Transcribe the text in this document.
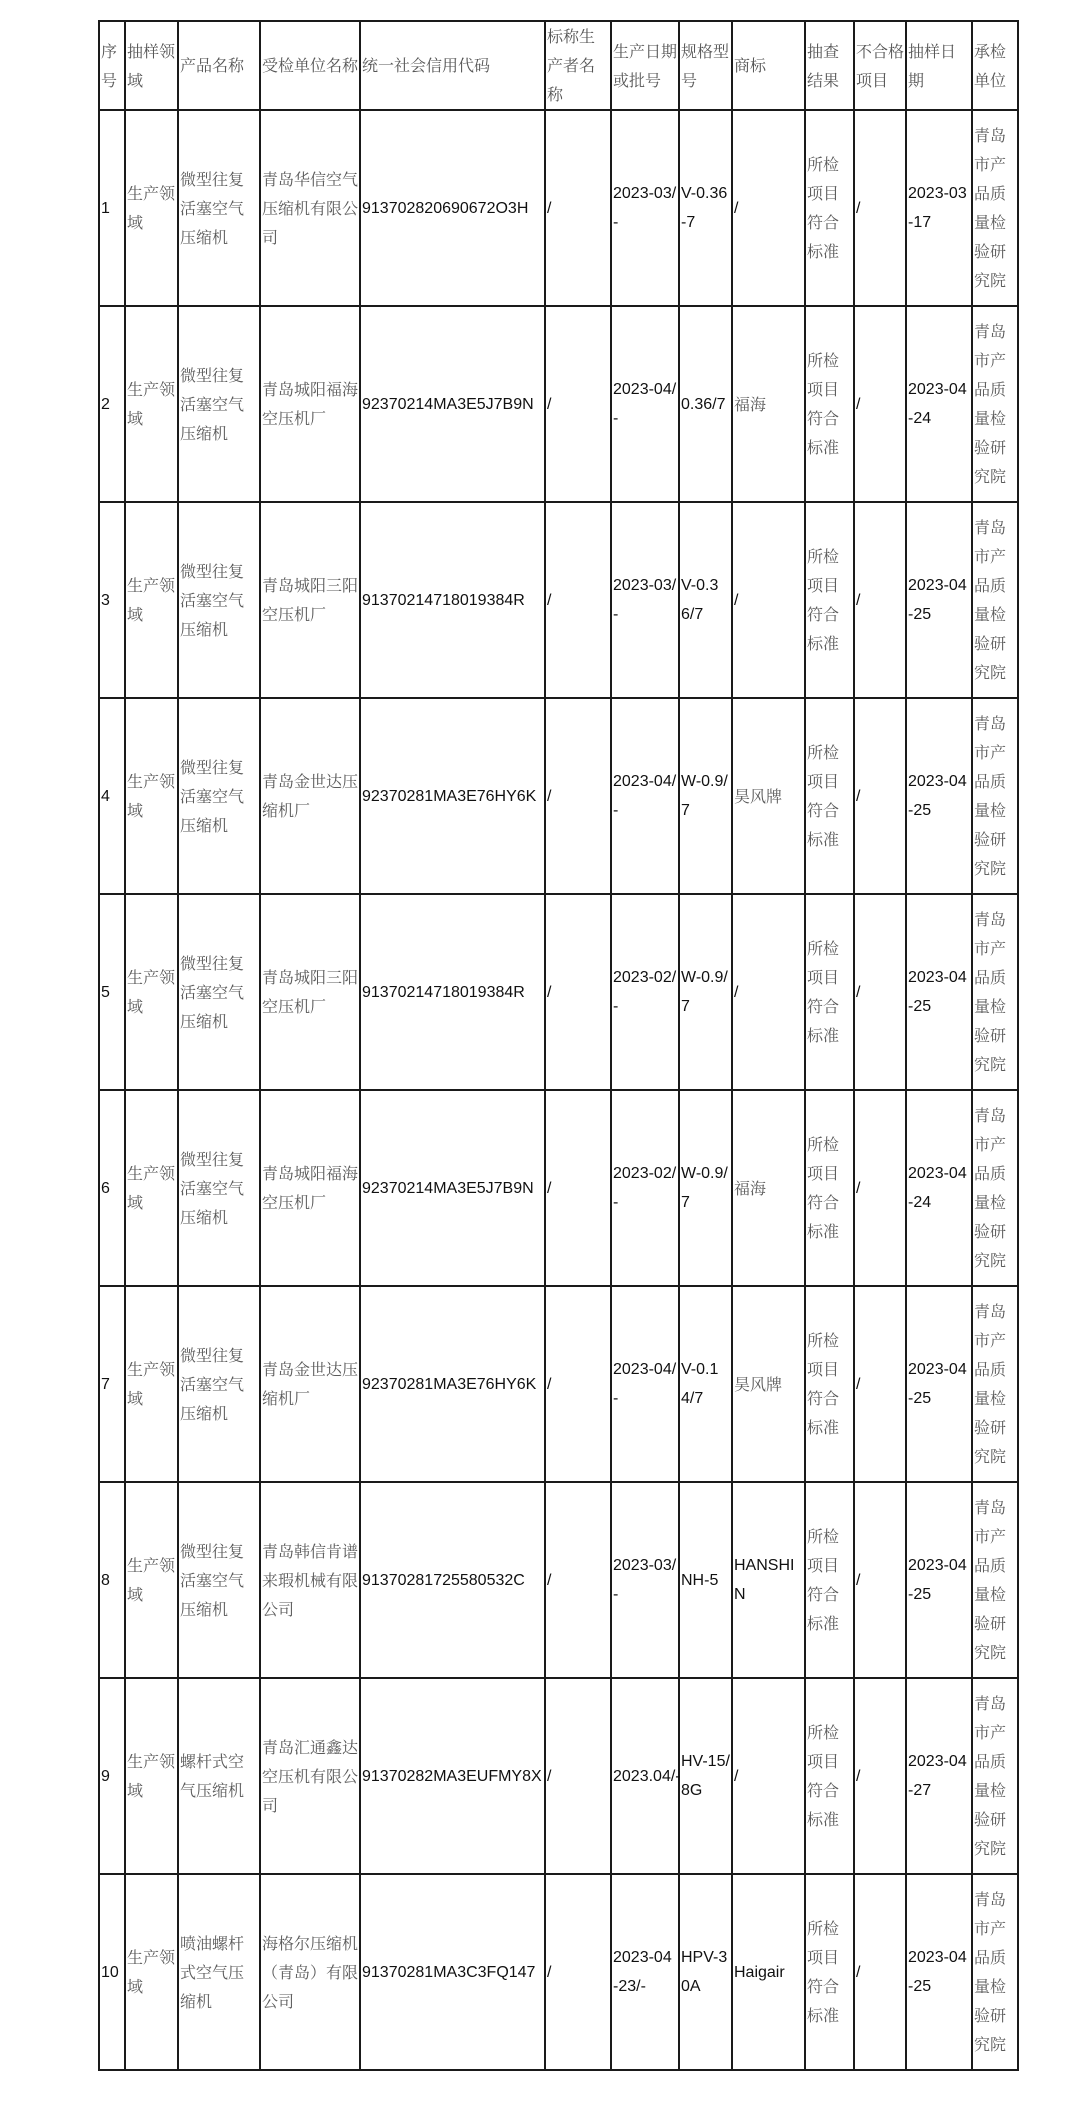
序号	抽样领域	产品名称	受检单位名称	统一社会信用代码	标称生产者名称	生产日期或批号	规格型号	商标	抽查结果	不合格项目	抽样日期	承检单位
1	生产领域	微型往复活塞空气压缩机	青岛华信空气压缩机有限公司	913702820690672O3H	/	2023-03/-	V-0.36-7	/	所检项目符合标准	/	2023-03-17	青岛市产品质量检验研究院
2	生产领域	微型往复活塞空气压缩机	青岛城阳福海空压机厂	92370214MA3E5J7B9N	/	2023-04/-	0.36/7	福海	所检项目符合标准	/	2023-04-24	青岛市产品质量检验研究院
3	生产领域	微型往复活塞空气压缩机	青岛城阳三阳空压机厂	91370214718019384R	/	2023-03/-	V-0.36/7	/	所检项目符合标准	/	2023-04-25	青岛市产品质量检验研究院
4	生产领域	微型往复活塞空气压缩机	青岛金世达压缩机厂	92370281MA3E76HY6K	/	2023-04/-	W-0.9/7	昊风牌	所检项目符合标准	/	2023-04-25	青岛市产品质量检验研究院
5	生产领域	微型往复活塞空气压缩机	青岛城阳三阳空压机厂	91370214718019384R	/	2023-02/-	W-0.9/7	/	所检项目符合标准	/	2023-04-25	青岛市产品质量检验研究院
6	生产领域	微型往复活塞空气压缩机	青岛城阳福海空压机厂	92370214MA3E5J7B9N	/	2023-02/-	W-0.9/7	福海	所检项目符合标准	/	2023-04-24	青岛市产品质量检验研究院
7	生产领域	微型往复活塞空气压缩机	青岛金世达压缩机厂	92370281MA3E76HY6K	/	2023-04/-	V-0.14/7	昊风牌	所检项目符合标准	/	2023-04-25	青岛市产品质量检验研究院
8	生产领域	微型往复活塞空气压缩机	青岛韩信肯谱来瑕机械有限公司	91370281725580532C	/	2023-03/-	NH-5	HANSHIN	所检项目符合标准	/	2023-04-25	青岛市产品质量检验研究院
9	生产领域	螺杆式空气压缩机	青岛汇通鑫达空压机有限公司	91370282MA3EUFMY8X	/	2023.04/-	HV-15/8G	/	所检项目符合标准	/	2023-04-27	青岛市产品质量检验研究院
10	生产领域	喷油螺杆式空气压缩机	海格尔压缩机（青岛）有限公司	91370281MA3C3FQ147	/	2023-04-23/-	HPV-30A	Haigair	所检项目符合标准	/	2023-04-25	青岛市产品质量检验研究院
